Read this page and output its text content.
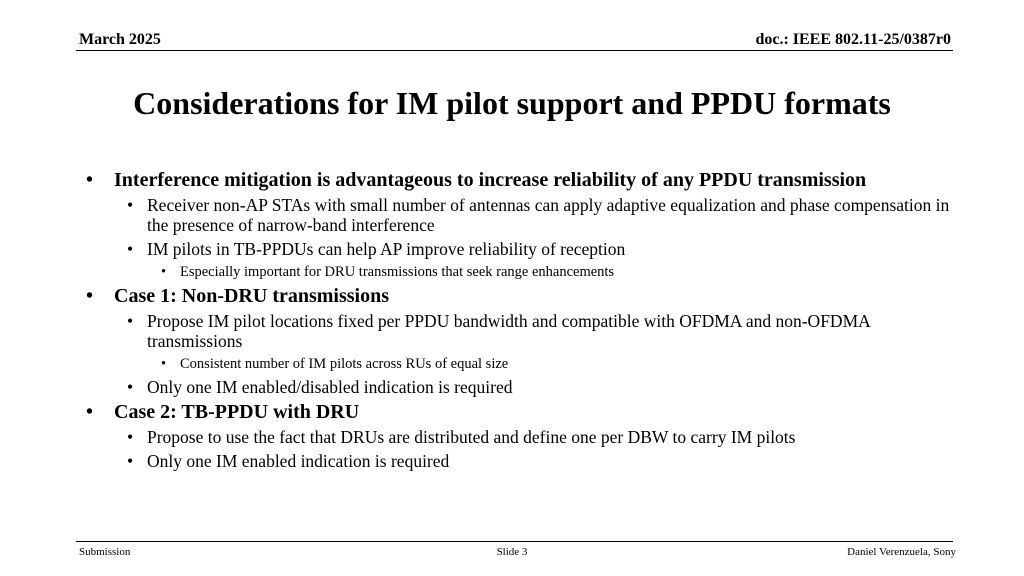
March 2025	doc.: IEEE 802.11-25/0387r0
Considerations for IM pilot support and PPDU formats
• Interference mitigation is advantageous to increase reliability of any PPDU transmission
• Receiver non-AP STAs with small number of antennas can apply adaptive equalization and phase compensation in the presence of narrow-band interference
• IM pilots in TB-PPDUs can help AP improve reliability of reception
• Especially important for DRU transmissions that seek range enhancements
• Case 1: Non-DRU transmissions
• Propose IM pilot locations fixed per PPDU bandwidth and compatible with OFDMA and non-OFDMA transmissions
• Consistent number of IM pilots across RUs of equal size
• Only one IM enabled/disabled indication is required
• Case 2: TB-PPDU with DRU
• Propose to use the fact that DRUs are distributed and define one per DBW to carry IM pilots
• Only one IM enabled indication is required
Submission	Slide 3	Daniel Verenzuela, Sony
